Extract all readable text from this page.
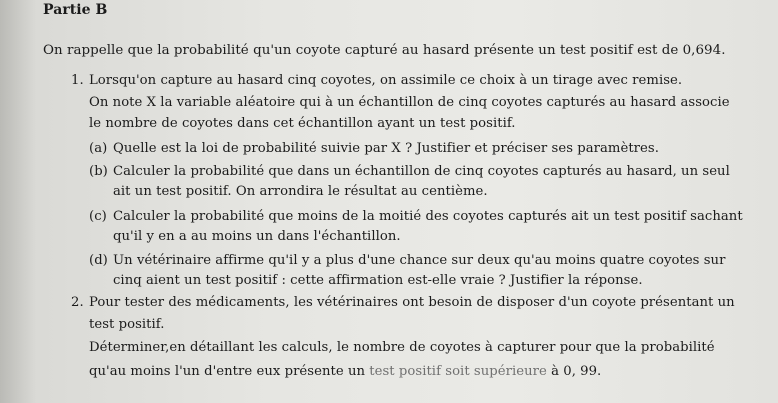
Partie B
On rappelle que la probabilité qu'un coyote capturé au hasard présente un test positif est de 0,694.
1. Lorsqu'on capture au hasard cinq coyotes, on assimile ce choix à un tirage avec remise.
On note X la variable aléatoire qui à un échantillon de cinq coyotes capturés au hasard associe
le nombre de coyotes dans cet échantillon ayant un test positif.
(a) Quelle est la loi de probabilité suivie par X ? Justifier et préciser ses paramètres.
(b) Calculer la probabilité que dans un échantillon de cinq coyotes capturés au hasard, un seul
ait un test positif. On arrondira le résultat au centième.
(c) Calculer la probabilité que moins de la moitié des coyotes capturés ait un test positif sachant
qu'il y en a au moins un dans l'échantillon.
(d) Un vétérinaire affirme qu'il y a plus d'une chance sur deux qu'au moins quatre coyotes sur
cinq aient un test positif : cette affirmation est-elle vraie ? Justifier la réponse.
2. Pour tester des médicaments, les vétérinaires ont besoin de disposer d'un coyote présentant un
test positif.
Déterminer,en détaillant les calculs, le nombre de coyotes à capturer pour que la probabilité
qu'au moins l'un d'entre eux présente un test positif soit supérieure à 0, 99.
